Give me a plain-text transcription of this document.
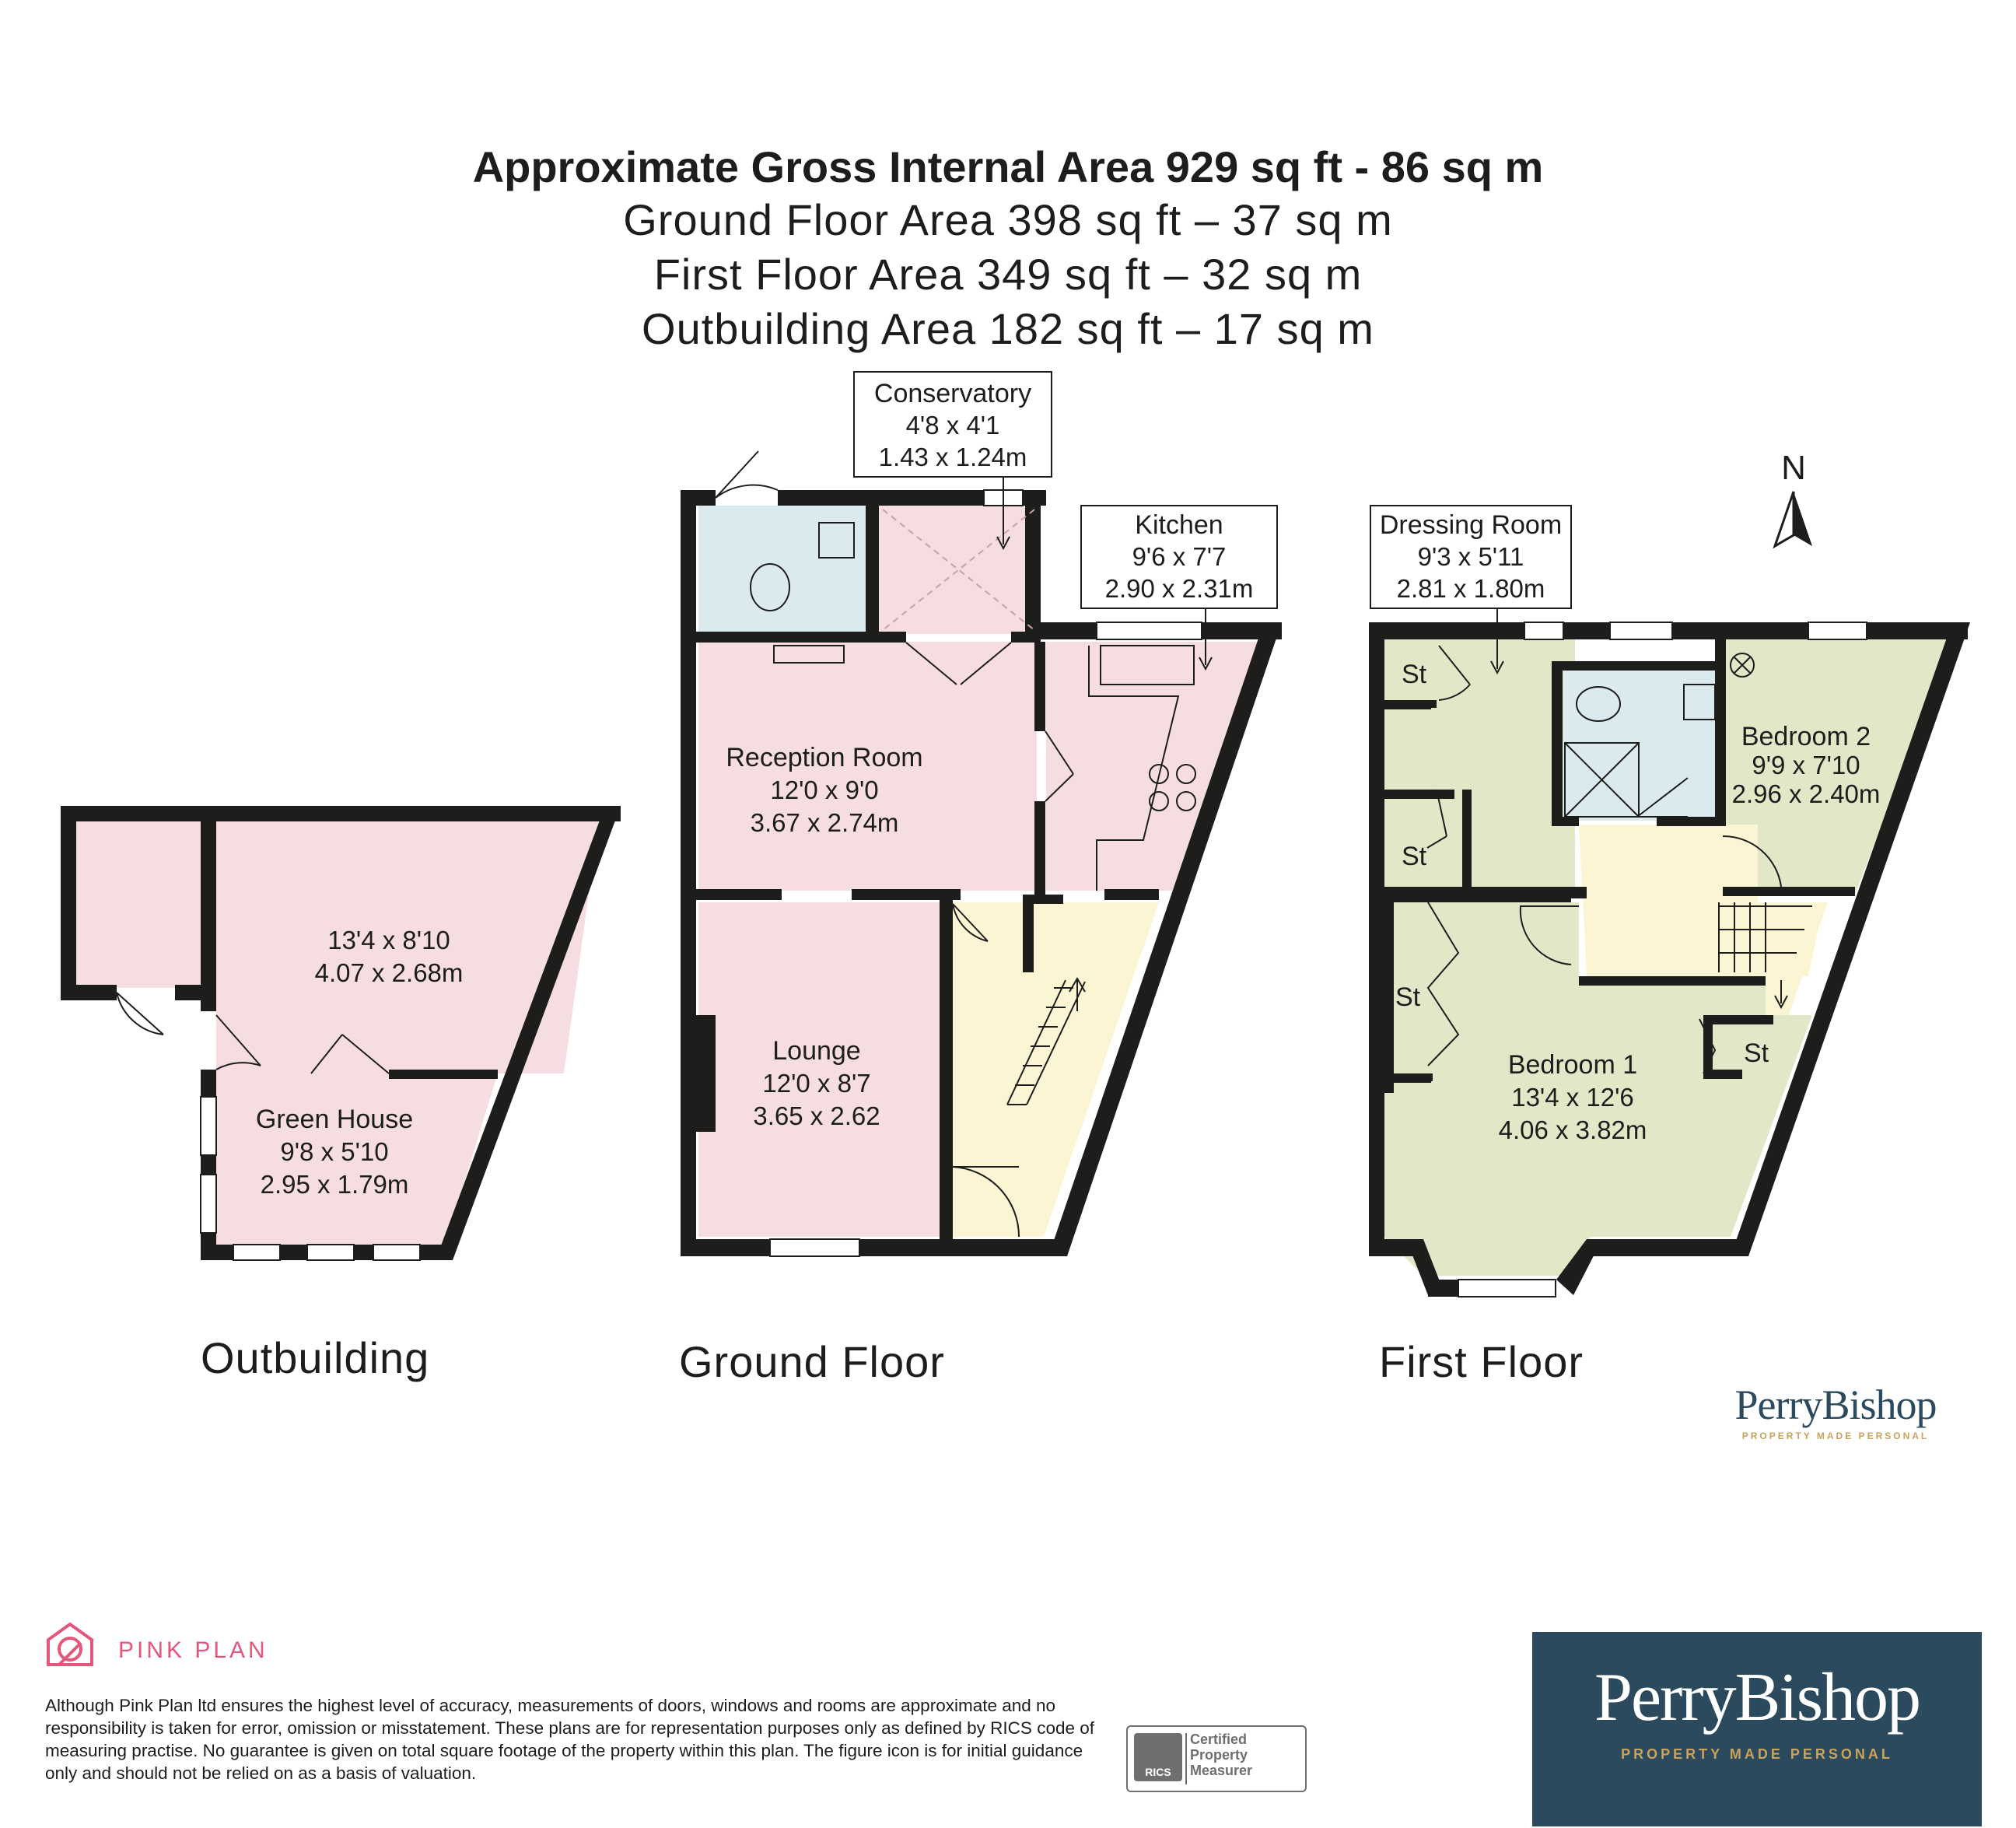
Approximate Gross Internal Area 929 sq ft - 86 sq m
Ground Floor Area 398 sq ft – 37 sq m
First Floor Area 349 sq ft – 32 sq m
Outbuilding Area 182 sq ft – 17 sq m
13'4 x 8'10
4.07 x 2.68m
Green House
9'8 x 5'10
2.95 x 1.79m
Outbuilding
Reception Room
12'0 x 9'0
3.67 x 2.74m
Lounge
12'0 x 8'7
3.65 x 2.62
Conservatory
4'8 x 4'1
1.43 x 1.24m
Kitchen
9'6 x 7'7
2.90 x 2.31m
Ground Floor
N
St
St
St
St
Bedroom 2
9'9 x 7'10
2.96 x 2.40m
Bedroom 1
13'4 x 12'6
4.06 x 3.82m
Dressing Room
9'3 x 5'11
2.81 x 1.80m
First Floor
PerryBishop
PROPERTY MADE PERSONAL
PINK PLAN
Although Pink Plan ltd ensures the highest level of accuracy, measurements of doors, windows and rooms are approximate and no responsibility is taken for error, omission or misstatement. These plans are for representation purposes only as defined by RICS code of measuring practise. No guarantee is given on total square footage of the property within this plan. The figure icon is for initial guidance only and should not be relied on as a basis of valuation.	RICS
Certified
Property
Measurer
PerryBishop
PROPERTY MADE PERSONAL
